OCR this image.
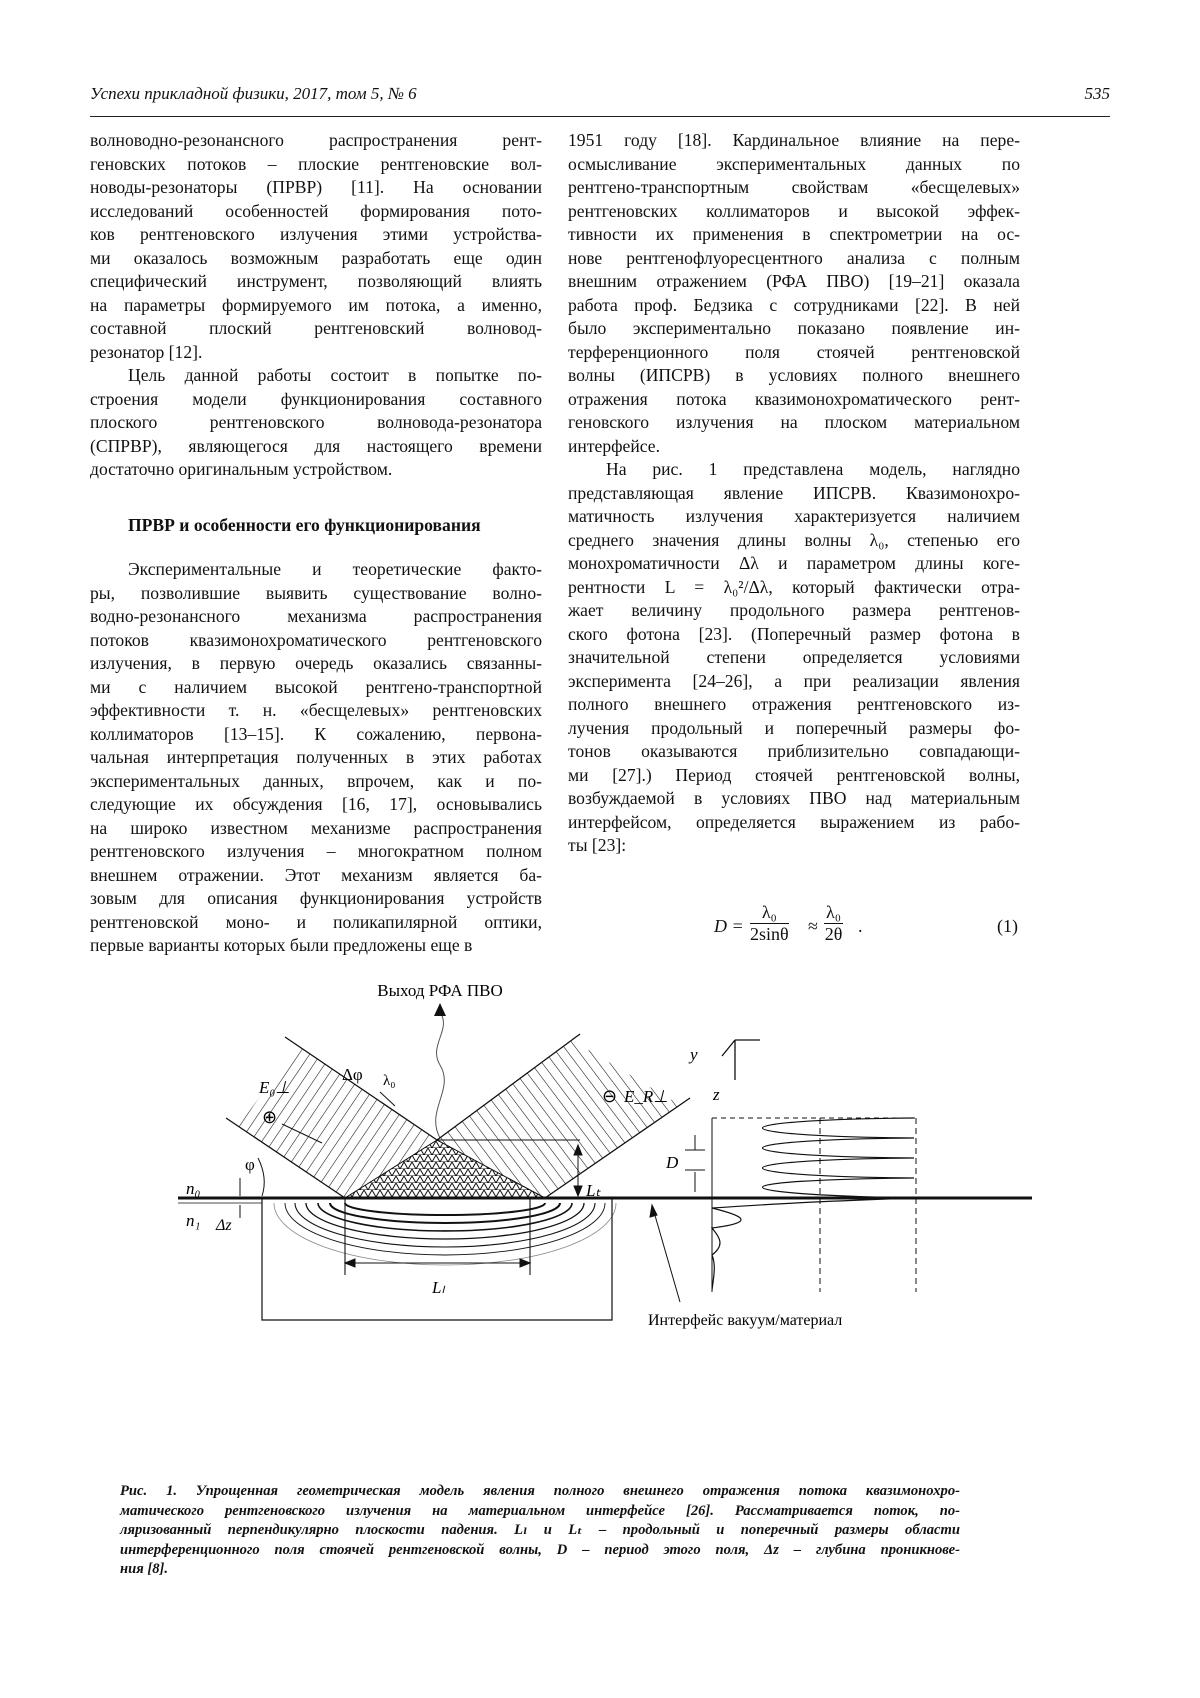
Успехи прикладной физики, 2017, том 5, № 6	535
волноводно-резонансного распространения рент-
геновских потоков – плоские рентгеновские вол-
новоды-резонаторы (ПРВР) [11]. На основании
исследований особенностей формирования пото-
ков рентгеновского излучения этими устройства-
ми оказалось возможным разработать еще один
специфический инструмент, позволяющий влиять
на параметры формируемого им потока, а именно,
составной плоский рентгеновский волновод-
резонатор [12].
Цель данной работы состоит в попытке по-
строения модели функционирования составного
плоского рентгеновского волновода-резонатора
(СПРВР), являющегося для настоящего времени
достаточно оригинальным устройством.
ПРВР и особенности его функционирования
Экспериментальные и теоретические факто-
ры, позволившие выявить существование волно-
водно-резонансного механизма распространения
потоков квазимонохроматического рентгеновского
излучения, в первую очередь оказались связанны-
ми с наличием высокой рентгено-транспортной
эффективности т. н. «бесщелевых» рентгеновских
коллиматоров [13–15]. К сожалению, первона-
чальная интерпретация полученных в этих работах
экспериментальных данных, впрочем, как и по-
следующие их обсуждения [16, 17], основывались
на широко известном механизме распространения
рентгеновского излучения – многократном полном
внешнем отражении. Этот механизм является ба-
зовым для описания функционирования устройств
рентгеновской моно- и поликапилярной оптики,
первые варианты которых были предложены еще в
1951 году [18]. Кардинальное влияние на пере-
осмысливание экспериментальных данных по
рентгено-транспортным свойствам «бесщелевых»
рентгеновских коллиматоров и высокой эффек-
тивности их применения в спектрометрии на ос-
нове рентгенофлуоресцентного анализа с полным
внешним отражением (РФА ПВО) [19–21] оказала
работа проф. Бедзика с сотрудниками [22]. В ней
было экспериментально показано появление ин-
терференционного поля стоячей рентгеновской
волны (ИПСРВ) в условиях полного внешнего
отражения потока квазимонохроматического рент-
геновского излучения на плоском материальном
интерфейсе.
На рис. 1 представлена модель, наглядно
представляющая явление ИПСРВ. Квазимонохро-
матичность излучения характеризуется наличием
среднего значения длины волны λ₀, степенью его
монохроматичности Δλ и параметром длины коге-
рентности L = λ₀²/Δλ, который фактически отра-
жает величину продольного размера рентгенов-
ского фотона [23]. (Поперечный размер фотона в
значительной степени определяется условиями
эксперимента [24–26], а при реализации явления
полного внешнего отражения рентгеновского из-
лучения продольный и поперечный размеры фо-
тонов оказываются приблизительно совпадающи-
ми [27].) Период стоячей рентгеновской волны,
возбуждаемой в условиях ПВО над материальным
интерфейсом, определяется выражением из рабо-
ты [23]:
$D = \frac{\text{λ₀}}{2\sin\theta} \approx \frac{\text{λ₀}}{2\theta}$ .	(1)
Выход РФА ПВО
Lₗ
Lₜ
E₀⊥
⊕
Δφ λ₀
E_R⊥
⊖
φ
n₀
n₁ Δz
y
z
D
Интерфейс вакуум/материал
Рис. 1. Упрощенная геометрическая модель явления полного внешнего отражения потока квазимонохро-
матического рентгеновского излучения на материальном интерфейсе [26]. Рассматривается поток, по-
ляризованный перпендикулярно плоскости падения. Lₗ и Lₜ – продольный и поперечный размеры области
интерференционного поля стоячей рентгеновской волны, D – период этого поля, Δz – глубина проникнове-
ния [8].
